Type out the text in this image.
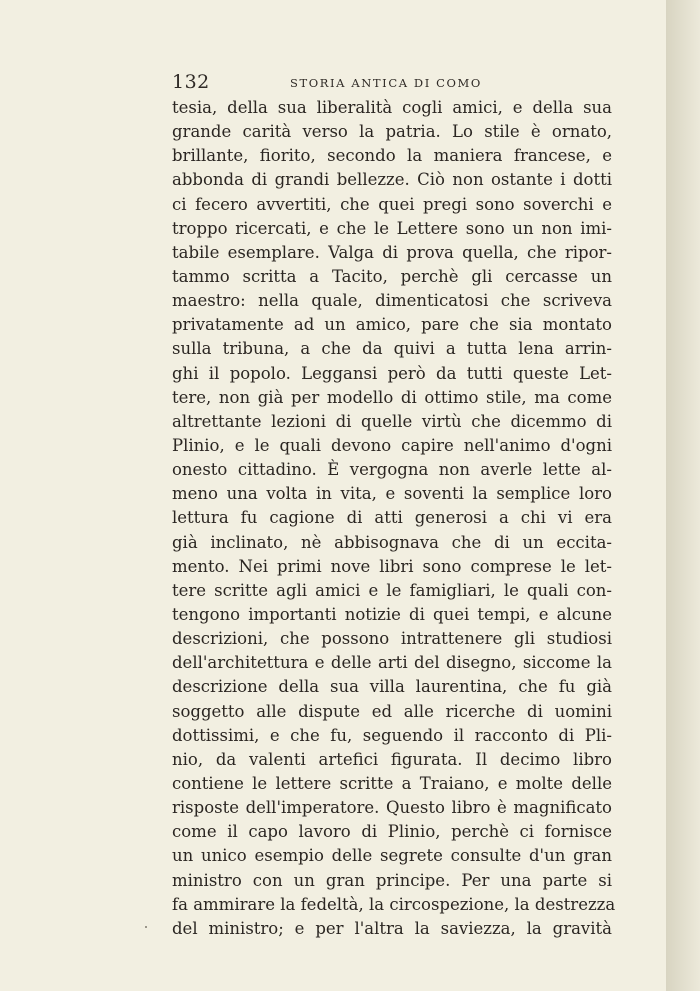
132	STORIA ANTICA DI COMO
tesia, della sua liberalità cogli amici, e della sua
grande carità verso la patria. Lo stile è ornato,
brillante, fiorito, secondo la maniera francese, e
abbonda di grandi bellezze. Ciò non ostante i dotti
ci fecero avvertiti, che quei pregi sono soverchi e
troppo ricercati, e che le Lettere sono un non imi-
tabile esemplare. Valga di prova quella, che ripor-
tammo scritta a Tacito, perchè gli cercasse un
maestro: nella quale, dimenticatosi che scriveva
privatamente ad un amico, pare che sia montato
sulla tribuna, a che da quivi a tutta lena arrin-
ghi il popolo. Leggansi però da tutti queste Let-
tere, non già per modello di ottimo stile, ma come
altrettante lezioni di quelle virtù che dicemmo di
Plinio, e le quali devono capire nell'animo d'ogni
onesto cittadino. È vergogna non averle lette al-
meno una volta in vita, e soventi la semplice loro
lettura fu cagione di atti generosi a chi vi era
già inclinato, nè abbisognava che di un eccita-
mento. Nei primi nove libri sono comprese le let-
tere scritte agli amici e le famigliari, le quali con-
tengono importanti notizie di quei tempi, e alcune
descrizioni, che possono intrattenere gli studiosi
dell'architettura e delle arti del disegno, siccome la
descrizione della sua villa laurentina, che fu già
soggetto alle dispute ed alle ricerche di uomini
dottissimi, e che fu, seguendo il racconto di Pli-
nio, da valenti artefici figurata. Il decimo libro
contiene le lettere scritte a Traiano, e molte delle
risposte dell'imperatore. Questo libro è magnificato
come il capo lavoro di Plinio, perchè ci fornisce
un unico esempio delle segrete consulte d'un gran
ministro con un gran principe. Per una parte si
fa ammirare la fedeltà, la circospezione, la destrezza
del ministro; e per l'altra la saviezza, la gravità
